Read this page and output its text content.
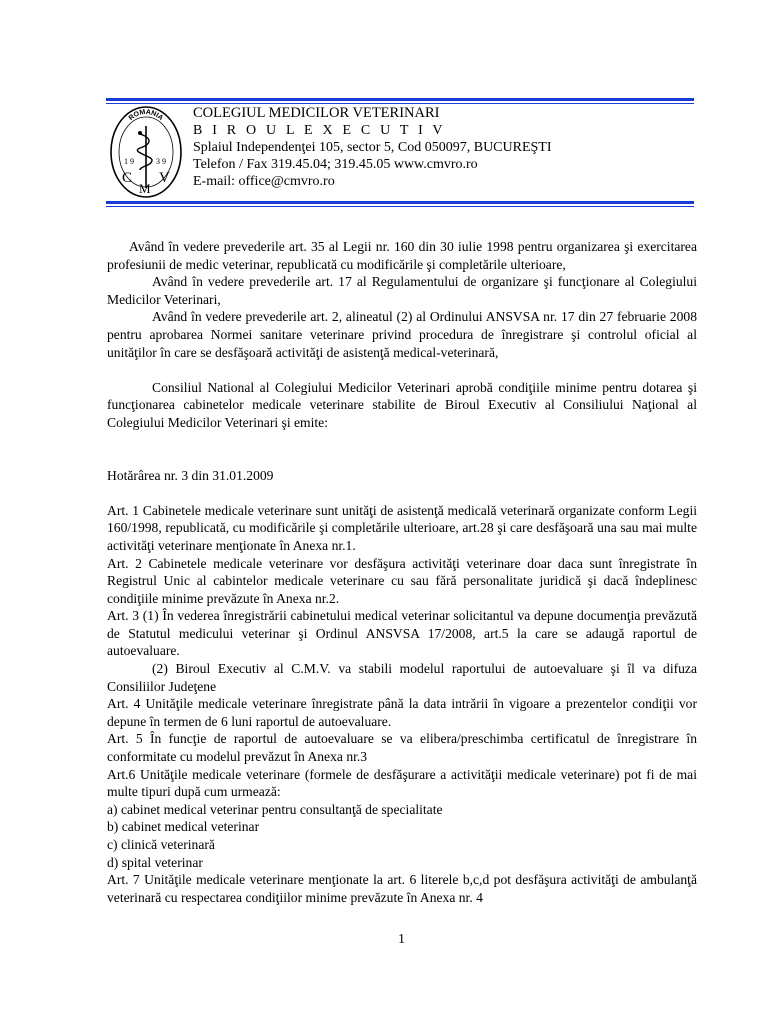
ROMANIA
1 9	3 9
C
M
V
COLEGIUL MEDICILOR VETERINARI
B I R O U L E X E C U T I V
Splaiul Independenţei 105, sector 5, Cod 050097, BUCUREŞTI
Telefon / Fax 319.45.04; 319.45.05 www.cmvro.ro
E-mail: office@cmvro.ro

Având în vedere prevederile art. 35 al Legii nr. 160 din 30 iulie 1998 pentru organizarea şi exercitarea profesiunii de medic veterinar, republicată cu modificările şi completările ulterioare,

Având în vedere prevederile art. 17 al Regulamentului de organizare şi funcţionare al Colegiului Medicilor Veterinari,

Având în vedere prevederile art. 2, alineatul (2) al Ordinului ANSVSA nr. 17 din 27 februarie 2008 pentru aprobarea Normei sanitare veterinare privind procedura de înregistrare şi controlul oficial al unităţilor în care se desfăşoară activităţi de asistenţă medical-veterinară,

Consiliul National al Colegiului Medicilor Veterinari aprobă condiţiile minime pentru dotarea şi funcţionarea cabinetelor medicale veterinare stabilite de Biroul Executiv al Consiliului Naţional al Colegiului Medicilor Veterinari şi emite:

Hotărârea nr. 3 din 31.01.2009

Art. 1 Cabinetele medicale veterinare sunt unităţi de asistenţă medicală veterinară organizate conform Legii 160/1998, republicată, cu modificările şi completările ulterioare, art.28 şi care desfăşoară una sau mai multe activităţi veterinare menţionate în Anexa nr.1.

Art. 2 Cabinetele medicale veterinare vor desfăşura activităţi veterinare doar daca sunt înregistrate în Registrul Unic al cabintelor medicale veterinare cu sau fără personalitate juridică şi dacă îndeplinesc condiţiile minime prevăzute în Anexa nr.2.

Art. 3 (1) În vederea înregistrării cabinetului medical veterinar solicitantul va depune documenţia prevăzută de Statutul medicului veterinar şi Ordinul ANSVSA 17/2008, art.5 la care se adaugă raportul de autoevaluare.

(2) Biroul Executiv al C.M.V. va stabili modelul raportului de autoevaluare şi îl va difuza Consiliilor Judeţene

Art. 4 Unităţile medicale veterinare înregistrate până la data intrării în vigoare a prezentelor condiţii vor depune în termen de 6 luni raportul de autoevaluare.

Art. 5 În funcţie de raportul de autoevaluare se va elibera/preschimba certificatul de înregistrare în conformitate cu modelul prevăzut în Anexa nr.3

Art.6 Unităţile medicale veterinare (formele de desfăşurare a activităţii medicale veterinare) pot fi de mai multe tipuri după cum urmează:

a) cabinet medical veterinar pentru consultanţă de specialitate

b) cabinet medical veterinar

c) clinică veterinară

d) spital veterinar

Art. 7 Unităţile medicale veterinare menţionate la art. 6 literele b,c,d pot desfăşura activităţi de ambulanţă veterinară cu respectarea condiţiilor minime prevăzute în Anexa nr. 4

1
